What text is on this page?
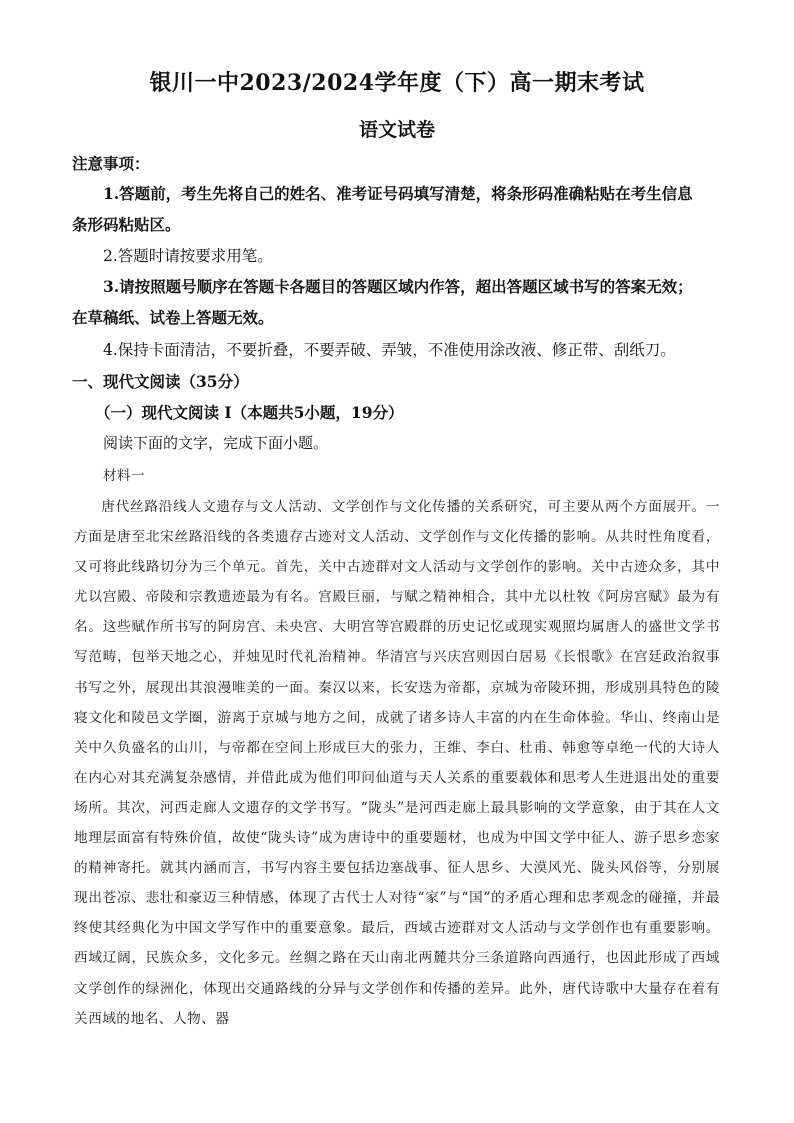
银川一中2023/2024学年度（下）高一期末考试
语文试卷
注意事项：
1.答题前，考生先将自己的姓名、准考证号码填写清楚，将条形码准确粘贴在考生信息
条形码粘贴区。
2.答题时请按要求用笔。
3.请按照题号顺序在答题卡各题目的答题区域内作答，超出答题区域书写的答案无效；
在草稿纸、试卷上答题无效。
4.保持卡面清洁，不要折叠，不要弄破、弄皱，不准使用涂改液、修正带、刮纸刀。
一、现代文阅读（35分）
（一）现代文阅读 I（本题共5小题，19分）
阅读下面的文字，完成下面小题。
材料一
唐代丝路沿线人文遗存与文人活动、文学创作与文化传播的关系研究，可主要从两个方面展开。一方面是唐至北宋丝路沿线的各类遗存古迹对文人活动、文学创作与文化传播的影响。从共时性角度看，又可将此线路切分为三个单元。首先，关中古迹群对文人活动与文学创作的影响。关中古迹众多，其中尤以宫殿、帝陵和宗教遗迹最为有名。宫殿巨丽，与赋之精神相合，其中尤以杜牧《阿房宫赋》最为有名。这些赋作所书写的阿房宫、未央宫、大明宫等宫殿群的历史记忆或现实观照均属唐人的盛世文学书写范畴，包举天地之心，并烛见时代礼治精神。华清宫与兴庆宫则因白居易《长恨歌》在宫廷政治叙事书写之外，展现出其浪漫唯美的一面。秦汉以来，长安迭为帝都，京城为帝陵环拥，形成别具特色的陵寝文化和陵邑文学圈，游离于京城与地方之间，成就了诸多诗人丰富的内在生命体验。华山、终南山是关中久负盛名的山川，与帝都在空间上形成巨大的张力，王维、李白、杜甫、韩愈等卓绝一代的大诗人在内心对其充满复杂感情，并借此成为他们叩问仙道与天人关系的重要载体和思考人生进退出处的重要场所。其次，河西走廊人文遗存的文学书写。“陇头”是河西走廊上最具影响的文学意象，由于其在人文地理层面富有特殊价值，故使“陇头诗”成为唐诗中的重要题材，也成为中国文学中征人、游子思乡恋家的精神寄托。就其内涵而言，书写内容主要包括边塞战事、征人思乡、大漠风光、陇头风俗等，分别展现出苍凉、悲壮和豪迈三种情感，体现了古代士人对待“家”与“国”的矛盾心理和忠孝观念的碰撞，并最终使其经典化为中国文学写作中的重要意象。最后，西域古迹群对文人活动与文学创作也有重要影响。西域辽阔，民族众多，文化多元。丝绸之路在天山南北两麓共分三条道路向西通行，也因此形成了西域文学创作的绿洲化，体现出交通路线的分异与文学创作和传播的差异。此外，唐代诗歌中大量存在着有关西域的地名、人物、器
